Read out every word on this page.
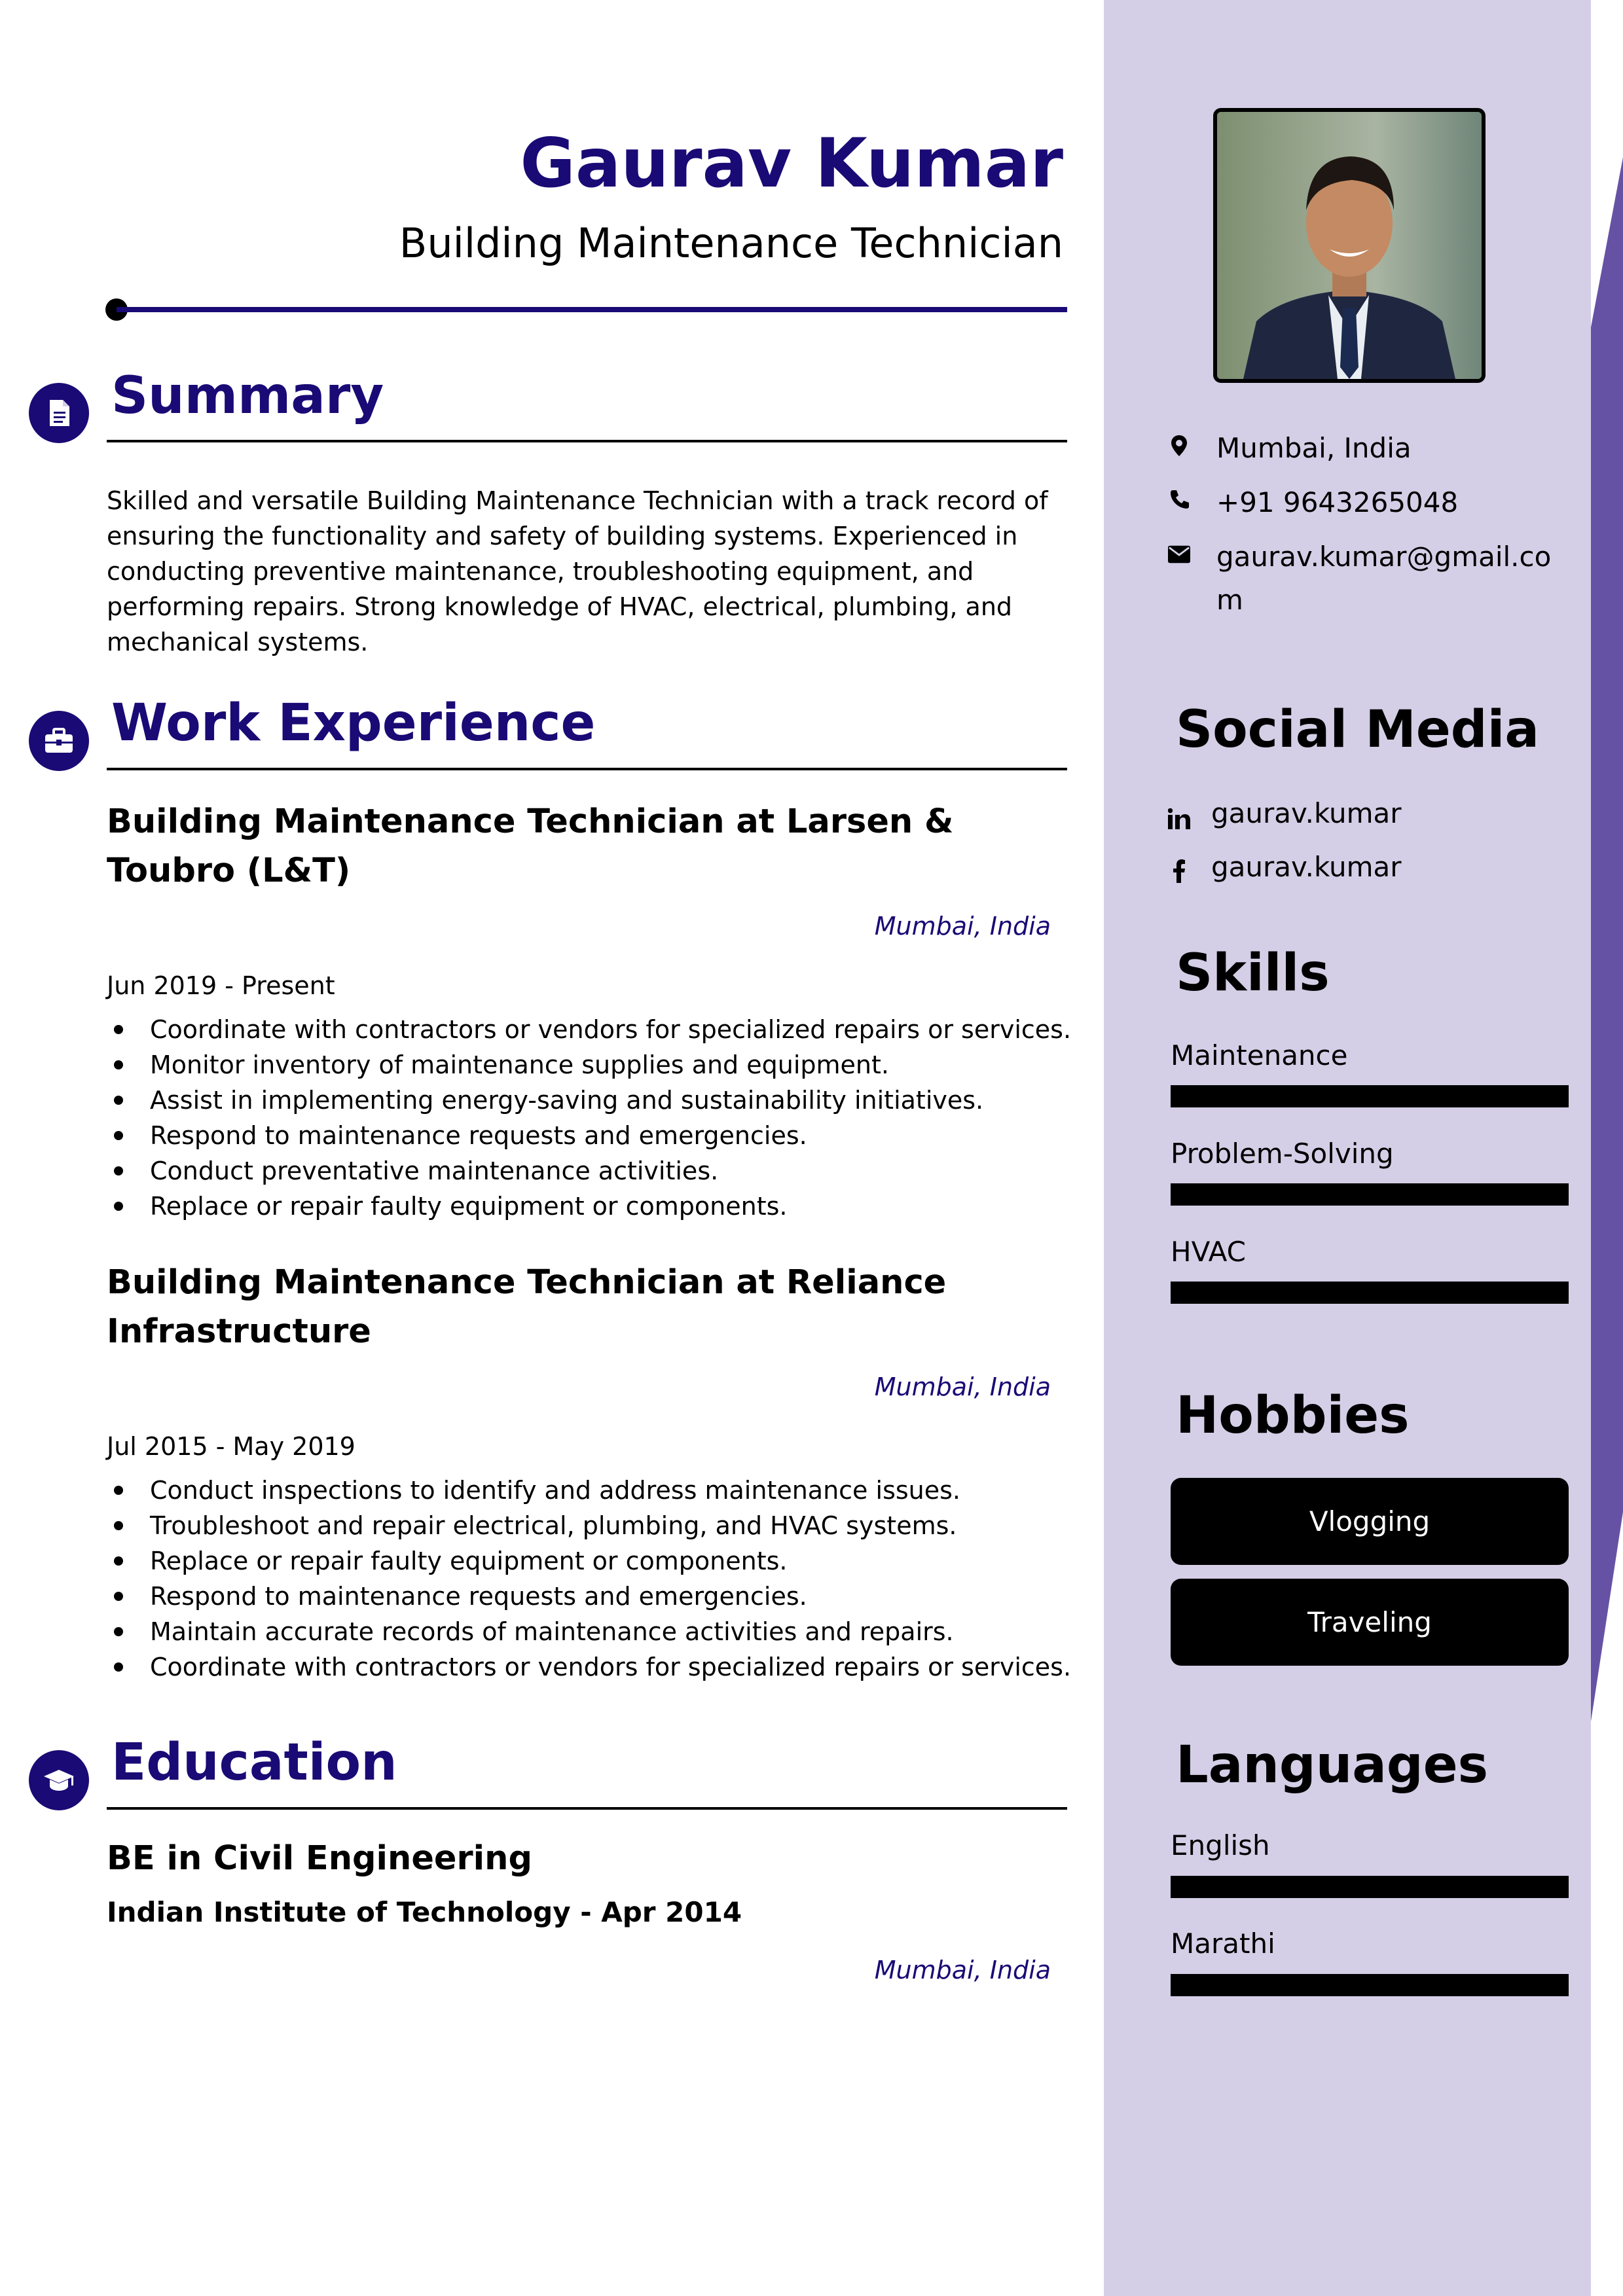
Gaurav Kumar
Building Maintenance Technician
Summary
Skilled and versatile Building Maintenance Technician with a track record of ensuring the functionality and safety of building systems. Experienced in conducting preventive maintenance, troubleshooting equipment, and performing repairs. Strong knowledge of HVAC, electrical, plumbing, and mechanical systems.
Work Experience
Building Maintenance Technician at Larsen & Toubro (L&T)
Mumbai, India
Jun 2019 - Present
Coordinate with contractors or vendors for specialized repairs or services.
Monitor inventory of maintenance supplies and equipment.
Assist in implementing energy-saving and sustainability initiatives.
Respond to maintenance requests and emergencies.
Conduct preventative maintenance activities.
Replace or repair faulty equipment or components.
Building Maintenance Technician at Reliance Infrastructure
Mumbai, India
Jul 2015 - May 2019
Conduct inspections to identify and address maintenance issues.
Troubleshoot and repair electrical, plumbing, and HVAC systems.
Replace or repair faulty equipment or components.
Respond to maintenance requests and emergencies.
Maintain accurate records of maintenance activities and repairs.
Coordinate with contractors or vendors for specialized repairs or services.
Education
BE in Civil Engineering
Indian Institute of Technology - Apr 2014
Mumbai, India
Mumbai, India
+91 9643265048
gaurav.kumar@gmail.com
Social Media
gaurav.kumar
gaurav.kumar
Skills
Maintenance
Problem-Solving
HVAC
Hobbies
Vlogging
Traveling
Languages
English
Marathi
